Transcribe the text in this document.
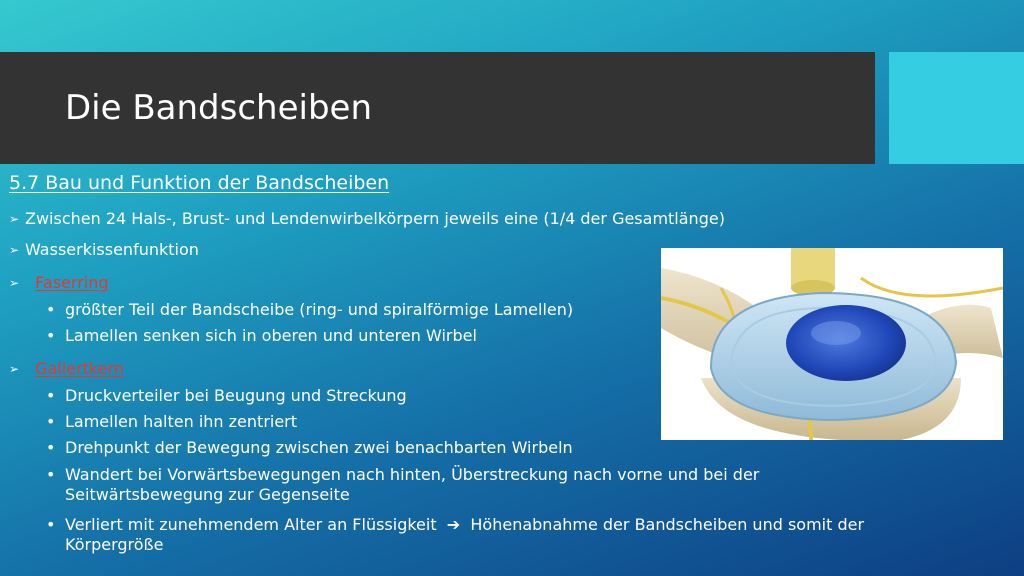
Die Bandscheiben
5.7 Bau und Funktion der Bandscheiben
➢ Zwischen 24 Hals-, Brust- und Lendenwirbelkörpern jeweils eine (1/4 der Gesamtlänge)
➢ Wasserkissenfunktion
➢ Faserring
• größter Teil der Bandscheibe (ring- und spiralförmige Lamellen)
• Lamellen senken sich in oberen und unteren Wirbel
➢ Gallertkern
• Druckverteiler bei Beugung und Streckung
• Lamellen halten ihn zentriert
• Drehpunkt der Bewegung zwischen zwei benachbarten Wirbeln
• Wandert bei Vorwärtsbewegungen nach hinten, Überstreckung nach vorne und bei der
Seitwärtsbewegung zur Gegenseite
• Verliert mit zunehmendem Alter an Flüssigkeit  ➔  Höhenabnahme der Bandscheiben und somit der
Körpergröße
